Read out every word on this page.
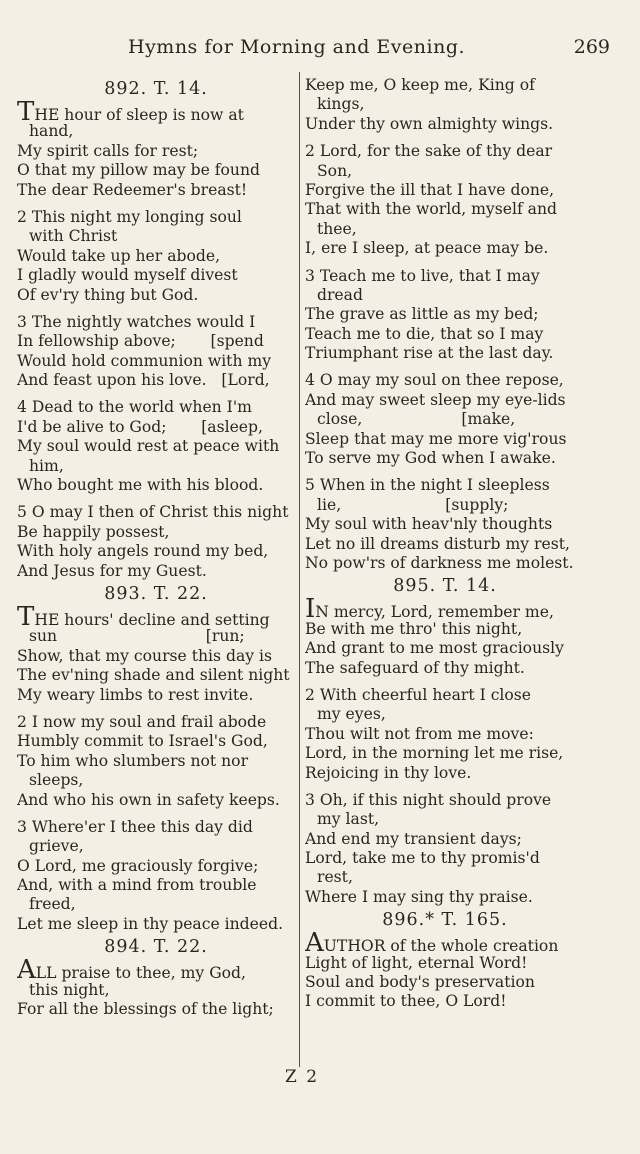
Hymns for Morning and Evening.	269
892. T. 14.
THE hour of sleep is now at
hand,
My spirit calls for rest;
O that my pillow may be found
The dear Redeemer's breast!
2 This night my longing soul
with Christ
Would take up her abode,
I gladly would myself divest
Of ev'ry thing but God.
3 The nightly watches would I
In fellowship above;       [spend
Would hold communion with my
And feast upon his love.   [Lord,
4 Dead to the world when I'm
I'd be alive to God;       [asleep,
My soul would rest at peace with
him,
Who bought me with his blood.
5 O may I then of Christ this night
Be happily possest,
With holy angels round my bed,
And Jesus for my Guest.
893. T. 22.
THE hours' decline and setting
sun                              [run;
Show, that my course this day is
The ev'ning shade and silent night
My weary limbs to rest invite.
2 I now my soul and frail abode
Humbly commit to Israel's God,
To him who slumbers not nor
sleeps,
And who his own in safety keeps.
3 Where'er I thee this day did
grieve,
O Lord, me graciously forgive;
And, with a mind from trouble
freed,
Let me sleep in thy peace indeed.
894. T. 22.
ALL praise to thee, my God,
this night,
For all the blessings of the light;
Keep me, O keep me, King of
kings,
Under thy own almighty wings.
2 Lord, for the sake of thy dear
Son,
Forgive the ill that I have done,
That with the world, myself and
thee,
I, ere I sleep, at peace may be.
3 Teach me to live, that I may
dread
The grave as little as my bed;
Teach me to die, that so I may
Triumphant rise at the last day.
4 O may my soul on thee repose,
And may sweet sleep my eye-lids
close,                    [make,
Sleep that may me more vig'rous
To serve my God when I awake.
5 When in the night I sleepless
lie,                     [supply;
My soul with heav'nly thoughts
Let no ill dreams disturb my rest,
No pow'rs of darkness me molest.
895. T. 14.
IN mercy, Lord, remember me,
Be with me thro' this night,
And grant to me most graciously
The safeguard of thy might.
2 With cheerful heart I close
my eyes,
Thou wilt not from me move:
Lord, in the morning let me rise,
Rejoicing in thy love.
3 Oh, if this night should prove
my last,
And end my transient days;
Lord, take me to thy promis'd
rest,
Where I may sing thy praise.
896.* T. 165.
AUTHOR of the whole creation
Light of light, eternal Word!
Soul and body's preservation
I commit to thee, O Lord!
Z 2
